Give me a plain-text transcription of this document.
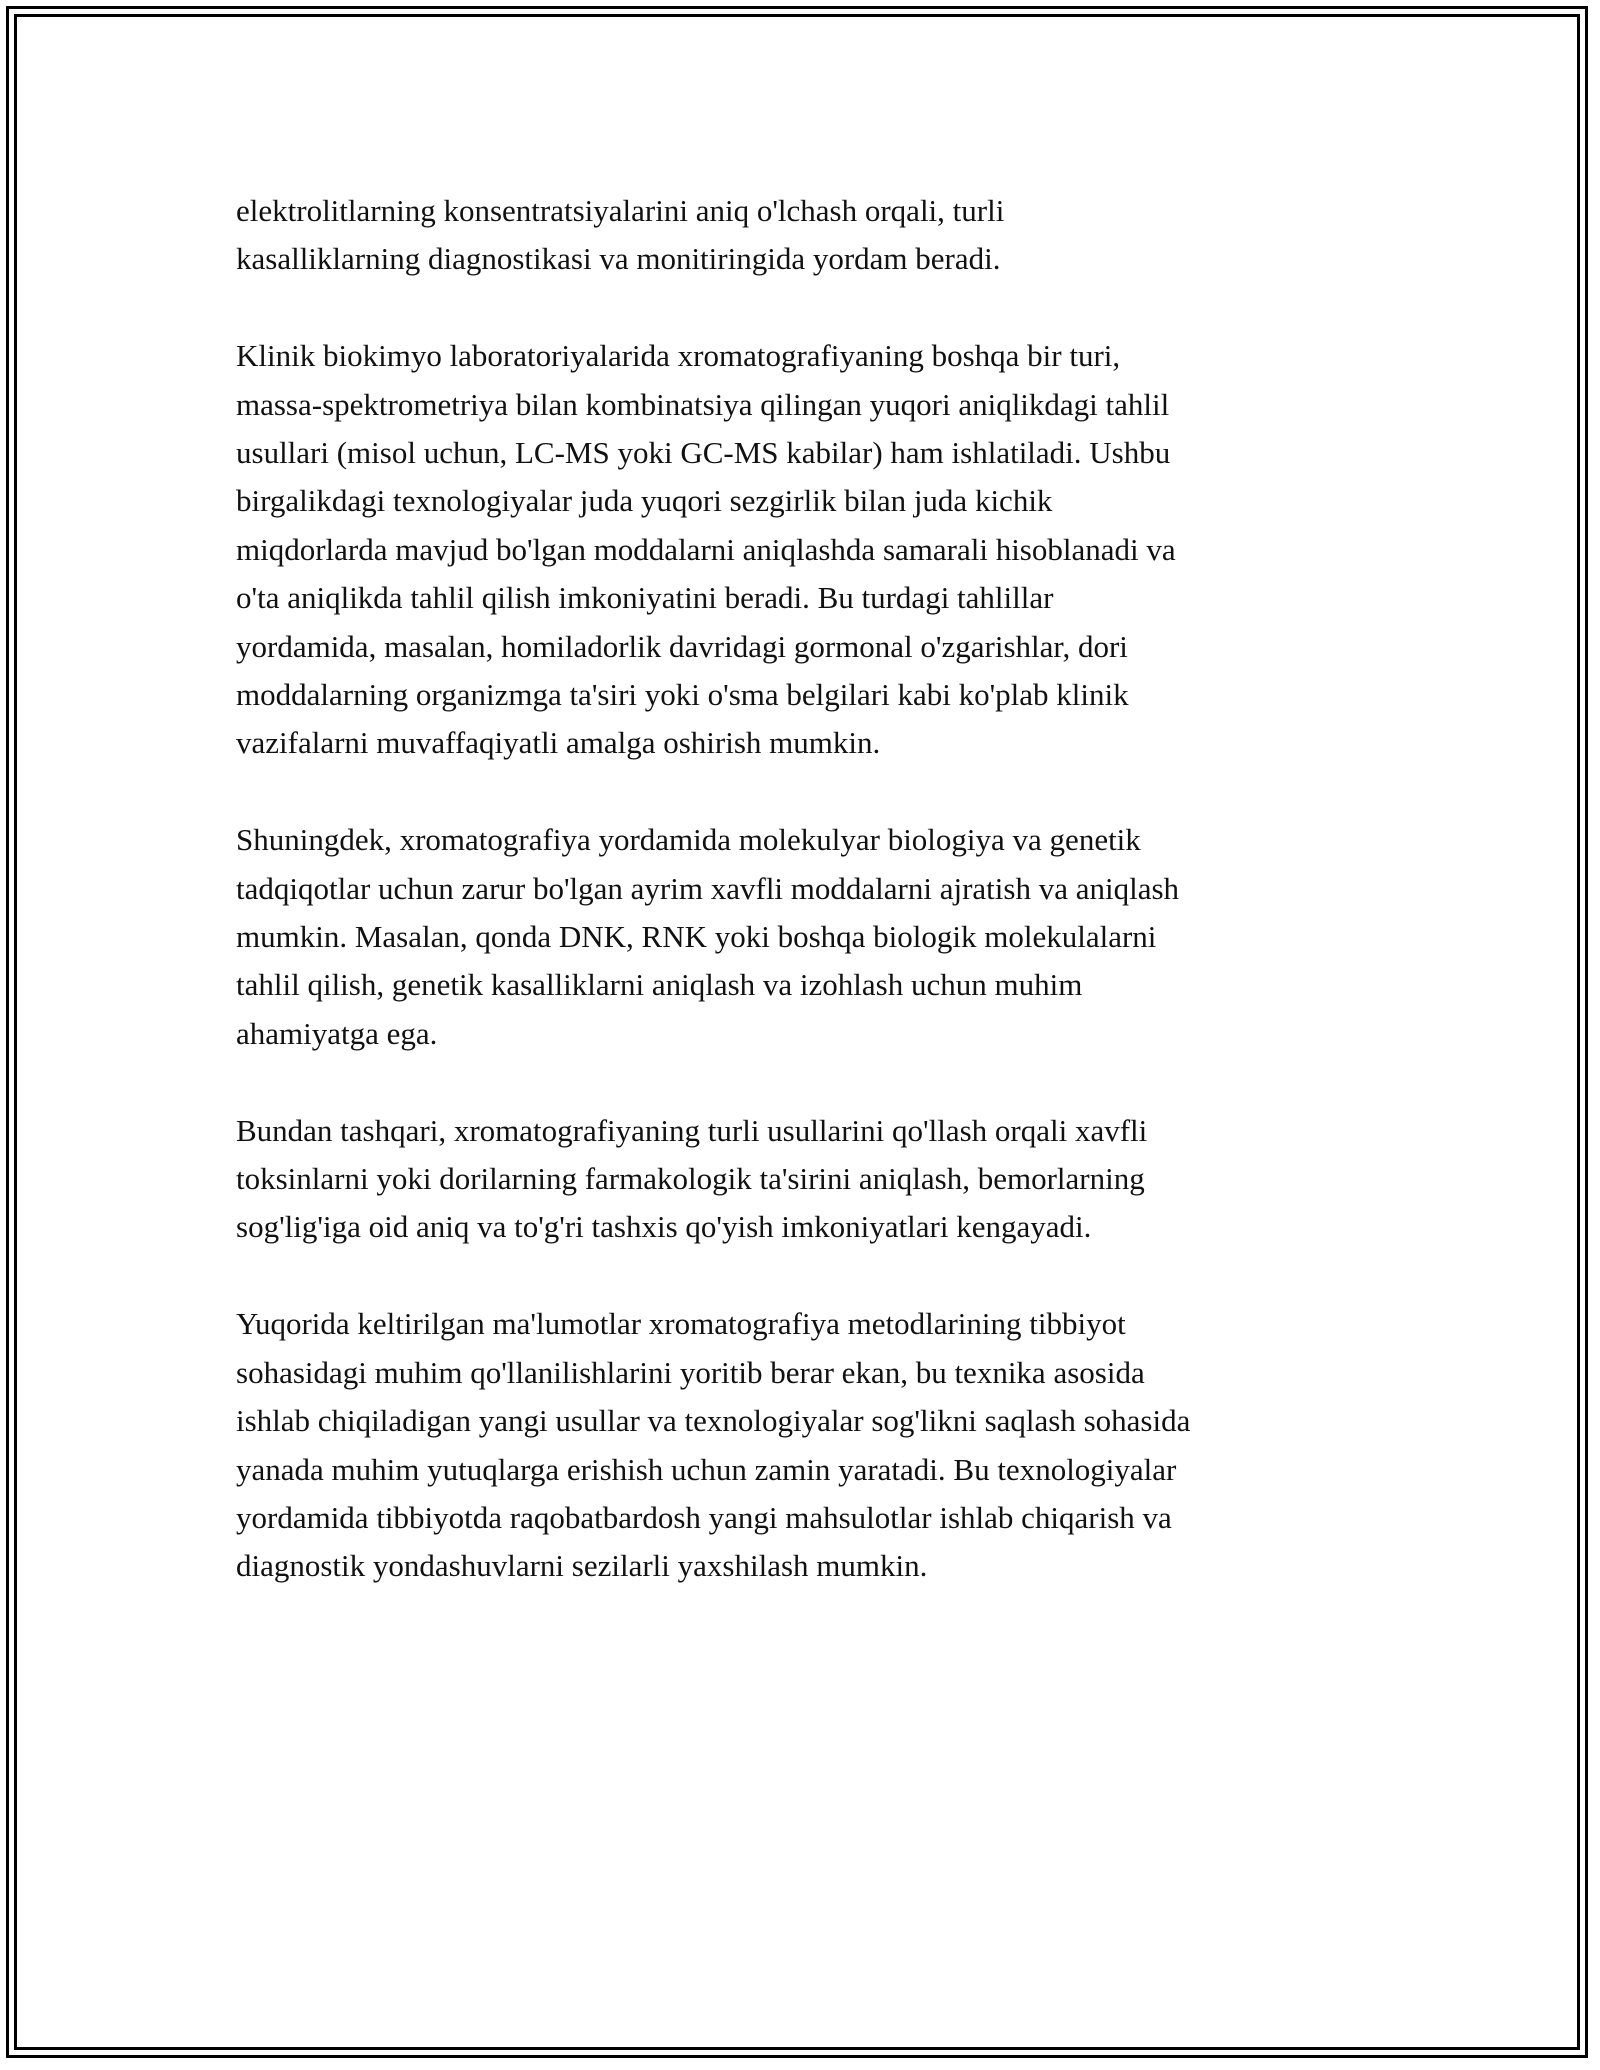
elektrolitlarning konsentratsiyalarini aniq o'lchash orqali, turli
kasalliklarning diagnostikasi va monitiringida yordam beradi.

Klinik biokimyo laboratoriyalarida xromatografiyaning boshqa bir turi,
massa-spektrometriya bilan kombinatsiya qilingan yuqori aniqlikdagi tahlil
usullari (misol uchun, LC-MS yoki GC-MS kabilar) ham ishlatiladi. Ushbu
birgalikdagi texnologiyalar juda yuqori sezgirlik bilan juda kichik
miqdorlarda mavjud bo'lgan moddalarni aniqlashda samarali hisoblanadi va
o'ta aniqlikda tahlil qilish imkoniyatini beradi. Bu turdagi tahlillar
yordamida, masalan, homiladorlik davridagi gormonal o'zgarishlar, dori
moddalarning organizmga ta'siri yoki o'sma belgilari kabi ko'plab klinik
vazifalarni muvaffaqiyatli amalga oshirish mumkin.

Shuningdek, xromatografiya yordamida molekulyar biologiya va genetik
tadqiqotlar uchun zarur bo'lgan ayrim xavfli moddalarni ajratish va aniqlash
mumkin. Masalan, qonda DNK, RNK yoki boshqa biologik molekulalarni
tahlil qilish, genetik kasalliklarni aniqlash va izohlash uchun muhim
ahamiyatga ega.

Bundan tashqari, xromatografiyaning turli usullarini qo'llash orqali xavfli
toksinlarni yoki dorilarning farmakologik ta'sirini aniqlash, bemorlarning
sog'lig'iga oid aniq va to'g'ri tashxis qo'yish imkoniyatlari kengayadi.

Yuqorida keltirilgan ma'lumotlar xromatografiya metodlarining tibbiyot
sohasidagi muhim qo'llanilishlarini yoritib berar ekan, bu texnika asosida
ishlab chiqiladigan yangi usullar va texnologiyalar sog'likni saqlash sohasida
yanada muhim yutuqlarga erishish uchun zamin yaratadi. Bu texnologiyalar
yordamida tibbiyotda raqobatbardosh yangi mahsulotlar ishlab chiqarish va
diagnostik yondashuvlarni sezilarli yaxshilash mumkin.
